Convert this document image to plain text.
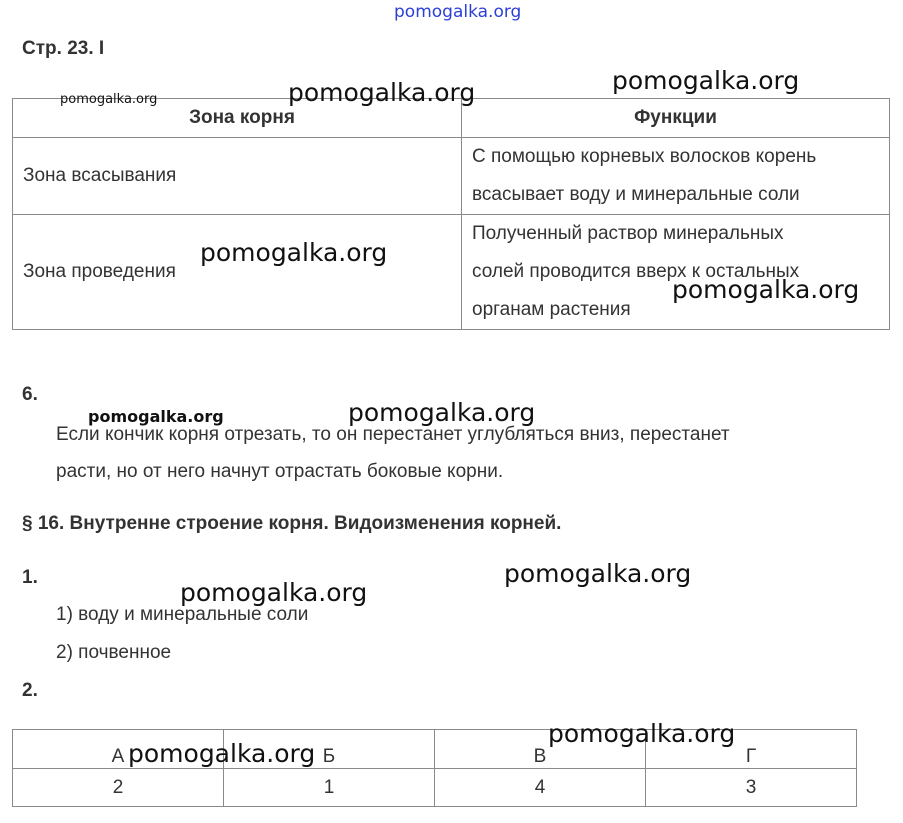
pomogalka.org
Стр. 23. I
Зона корня	Функции
Зона всасывания	С помощью корневых волосков корень
всасывает воду и минеральные соли

Зона проведения	Полученный раствор минеральных
солей проводится вверх к остальных
органам растения
6.
Если кончик корня отрезать, то он перестанет углубляться вниз, перестанет
расти, но от него начнут отрастать боковые корни.
§ 16. Внутренне строение корня. Видоизменения корней.
1.
1) воду и минеральные соли
2) почвенное
2.
А	Б	В	Г
2	1	4	3
pomogalka.org	pomogalka.org	pomogalka.org
pomogalka.org
pomogalka.org
pomogalka.org	pomogalka.org
pomogalka.org
pomogalka.org
pomogalka.org
pomogalka.org
